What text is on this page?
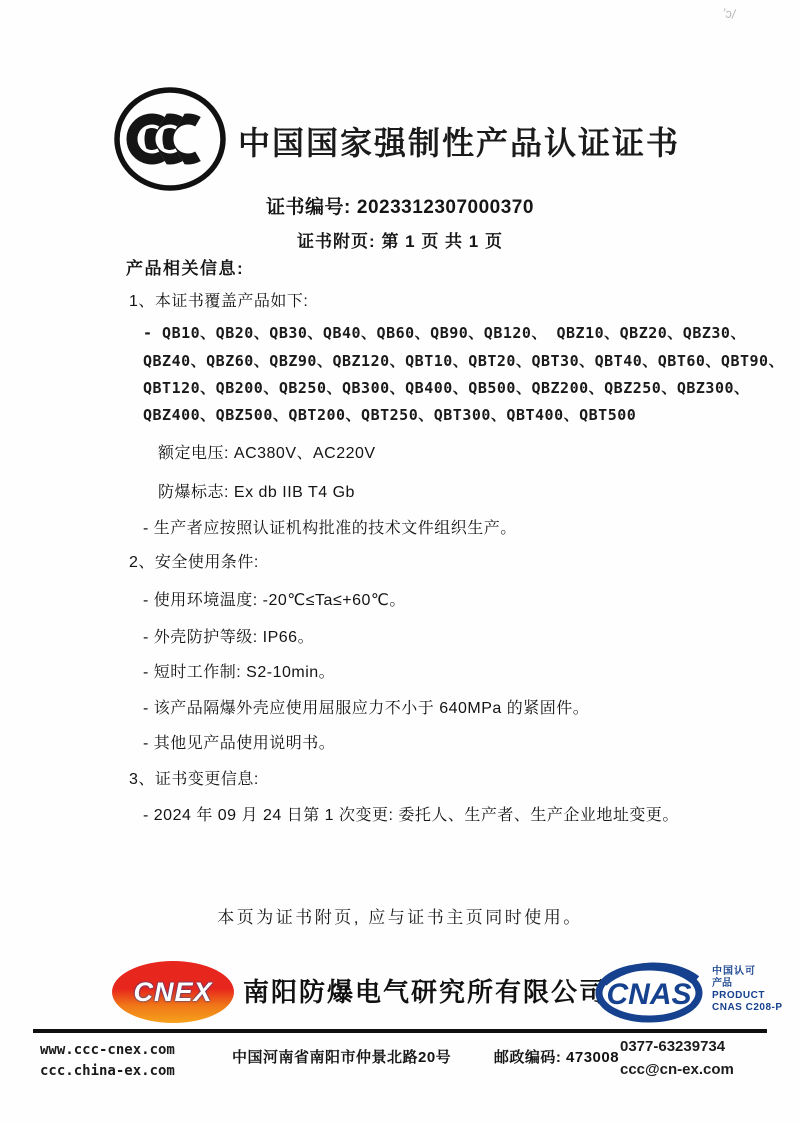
'ɔ/
中国国家强制性产品认证证书
证书编号: 2023312307000370
证书附页: 第 1 页 共 1 页
产品相关信息:
1、本证书覆盖产品如下:
- QB10、QB20、QB30、QB40、QB60、QB90、QB120、 QBZ10、QBZ20、QBZ30、
QBZ40、QBZ60、QBZ90、QBZ120、QBT10、QBT20、QBT30、QBT40、QBT60、QBT90、
QBT120、QB200、QB250、QB300、QB400、QB500、QBZ200、QBZ250、QBZ300、
QBZ400、QBZ500、QBT200、QBT250、QBT300、QBT400、QBT500
额定电压: AC380V、AC220V
防爆标志: Ex db IIB T4 Gb
- 生产者应按照认证机构批准的技术文件组织生产。
2、安全使用条件:
- 使用环境温度: -20℃≤Ta≤+60℃。
- 外壳防护等级: IP66。
- 短时工作制: S2-10min。
- 该产品隔爆外壳应使用屈服应力不小于 640MPa 的紧固件。
- 其他见产品使用说明书。
3、证书变更信息:
- 2024 年 09 月 24 日第 1 次变更: 委托人、生产者、生产企业地址变更。
本页为证书附页, 应与证书主页同时使用。
CNEX 南阳防爆电气研究所有限公司 CNAS
中国认可
产品
PRODUCT
CNAS C208-P
www.ccc-cnex.com
ccc.china-ex.com
中国河南省南阳市仲景北路20号	邮政编码: 473008
0377-63239734
ccc@cn-ex.com
